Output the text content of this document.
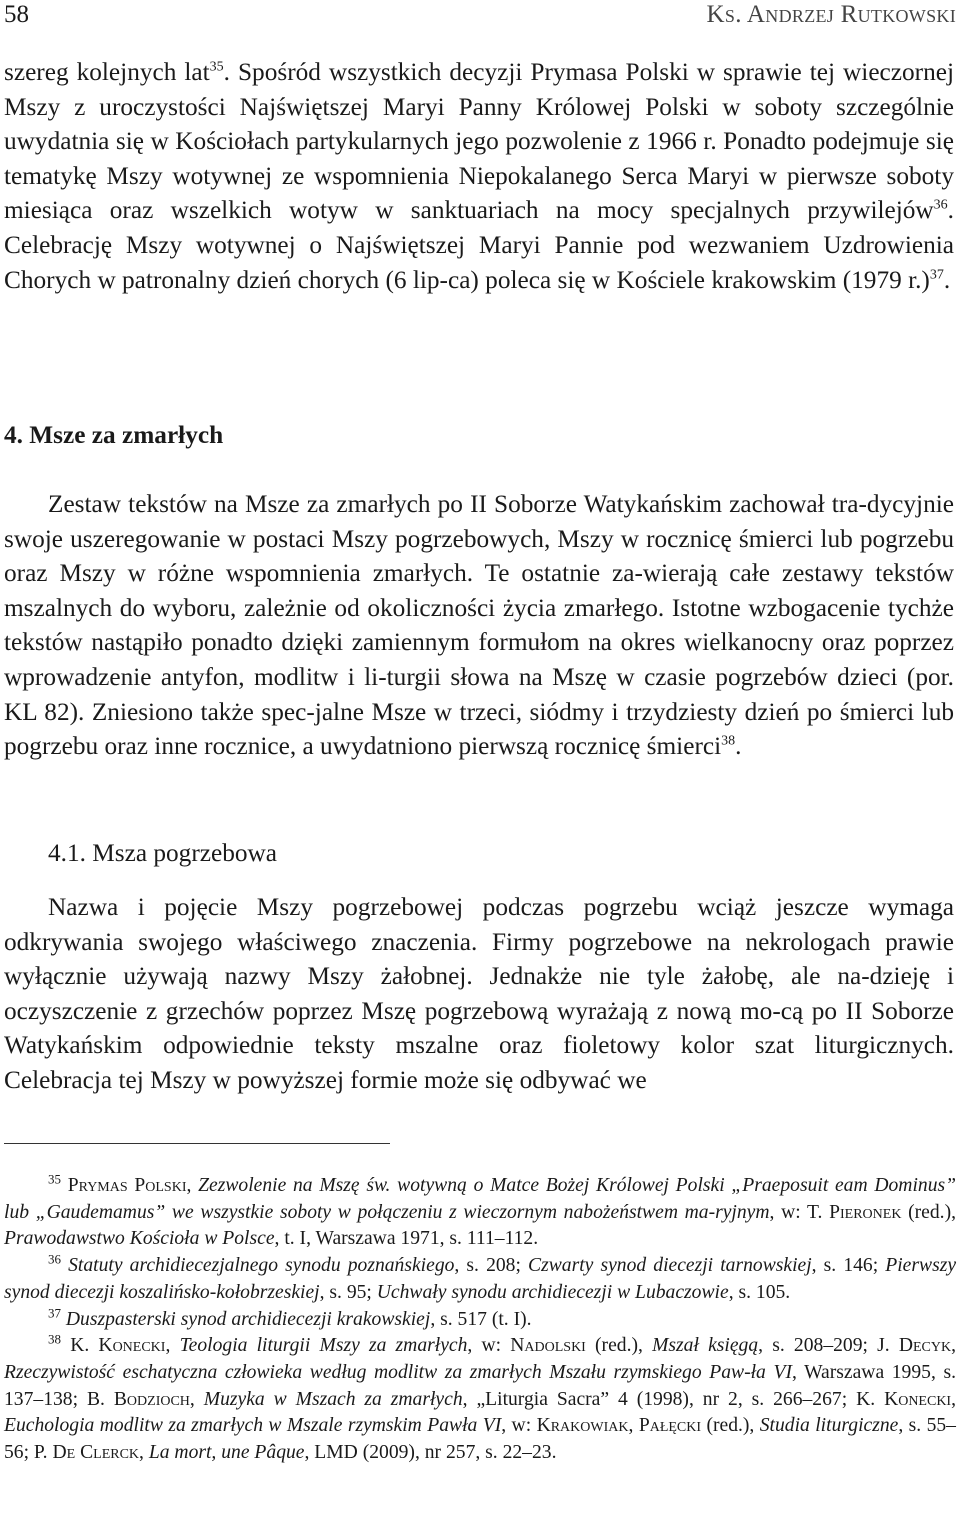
58	Ks. Andrzej Rutkowski
szereg kolejnych lat$^{35}$. Spośród wszystkich decyzji Prymasa Polski w sprawie tej wieczornej Mszy z uroczystości Najświętszej Maryi Panny Królowej Polski w soboty szczególnie uwydatnia się w Kościołach partykularnych jego pozwolenie z 1966 r. Ponadto podejmuje się tematykę Mszy wotywnej ze wspomnienia Niepokalanego Serca Maryi w pierwsze soboty miesiąca oraz wszelkich wotyw w sanktuariach na mocy specjalnych przywilejów$^{36}$. Celebrację Mszy wotywnej o Najświętszej Maryi Pannie pod wezwaniem Uzdrowienia Chorych w patronalny dzień chorych (6 lip-ca) poleca się w Kościele krakowskim (1979 r.)$^{37}$.
4. Msze za zmarłych
Zestaw tekstów na Msze za zmarłych po II Soborze Watykańskim zachował tra-dycyjnie swoje uszeregowanie w postaci Mszy pogrzebowych, Mszy w rocznicę śmierci lub pogrzebu oraz Mszy w różne wspomnienia zmarłych. Te ostatnie za-wierają całe zestawy tekstów mszalnych do wyboru, zależnie od okoliczności życia zmarłego. Istotne wzbogacenie tychże tekstów nastąpiło ponadto dzięki zamiennym formułom na okres wielkanocny oraz poprzez wprowadzenie antyfon, modlitw i li-turgii słowa na Mszę w czasie pogrzebów dzieci (por. KL 82). Zniesiono także spec-jalne Msze w trzeci, siódmy i trzydziesty dzień po śmierci lub pogrzebu oraz inne rocznice, a uwydatniono pierwszą rocznicę śmierci$^{38}$.
4.1. Msza pogrzebowa
Nazwa i pojęcie Mszy pogrzebowej podczas pogrzebu wciąż jeszcze wymaga odkrywania swojego właściwego znaczenia. Firmy pogrzebowe na nekrologach prawie wyłącznie używają nazwy Mszy żałobnej. Jednakże nie tyle żałobę, ale na-dzieję i oczyszczenie z grzechów poprzez Mszę pogrzebową wyrażają z nową mo-cą po II Soborze Watykańskim odpowiednie teksty mszalne oraz fioletowy kolor szat liturgicznych. Celebracja tej Mszy w powyższej formie może się odbywać we

$^{35}$ Prymas Polski, Zezwolenie na Mszę św. wotywną o Matce Bożej Królowej Polski „Praeposuit eam Dominus” lub „Gaudemamus” we wszystkie soboty w połączeniu z wieczornym nabożeństwem ma-ryjnym, w: T. Pieronek (red.), Prawodawstwo Kościoła w Polsce, t. I, Warszawa 1971, s. 111–112.

$^{36}$ Statuty archidiecezjalnego synodu poznańskiego, s. 208; Czwarty synod diecezji tarnowskiej, s. 146; Pierwszy synod diecezji koszalińsko-kołobrzeskiej, s. 95; Uchwały synodu archidiecezji w Lubaczowie, s. 105.

$^{37}$ Duszpasterski synod archidiecezji krakowskiej, s. 517 (t. I).

$^{38}$ K. Konecki, Teologia liturgii Mszy za zmarłych, w: Nadolski (red.), Mszał księgą, s. 208–209; J. Decyk, Rzeczywistość eschatyczna człowieka według modlitw za zmarłych Mszału rzymskiego Paw-ła VI, Warszawa 1995, s. 137–138; B. Bodzioch, Muzyka w Mszach za zmarłych, „Liturgia Sacra” 4 (1998), nr 2, s. 266–267; K. Konecki, Euchologia modlitw za zmarłych w Mszale rzymskim Pawła VI, w: Krakowiak, Pałęcki (red.), Studia liturgiczne, s. 55–56; P. De Clerck, La mort, une Pâque, LMD (2009), nr 257, s. 22–23.
